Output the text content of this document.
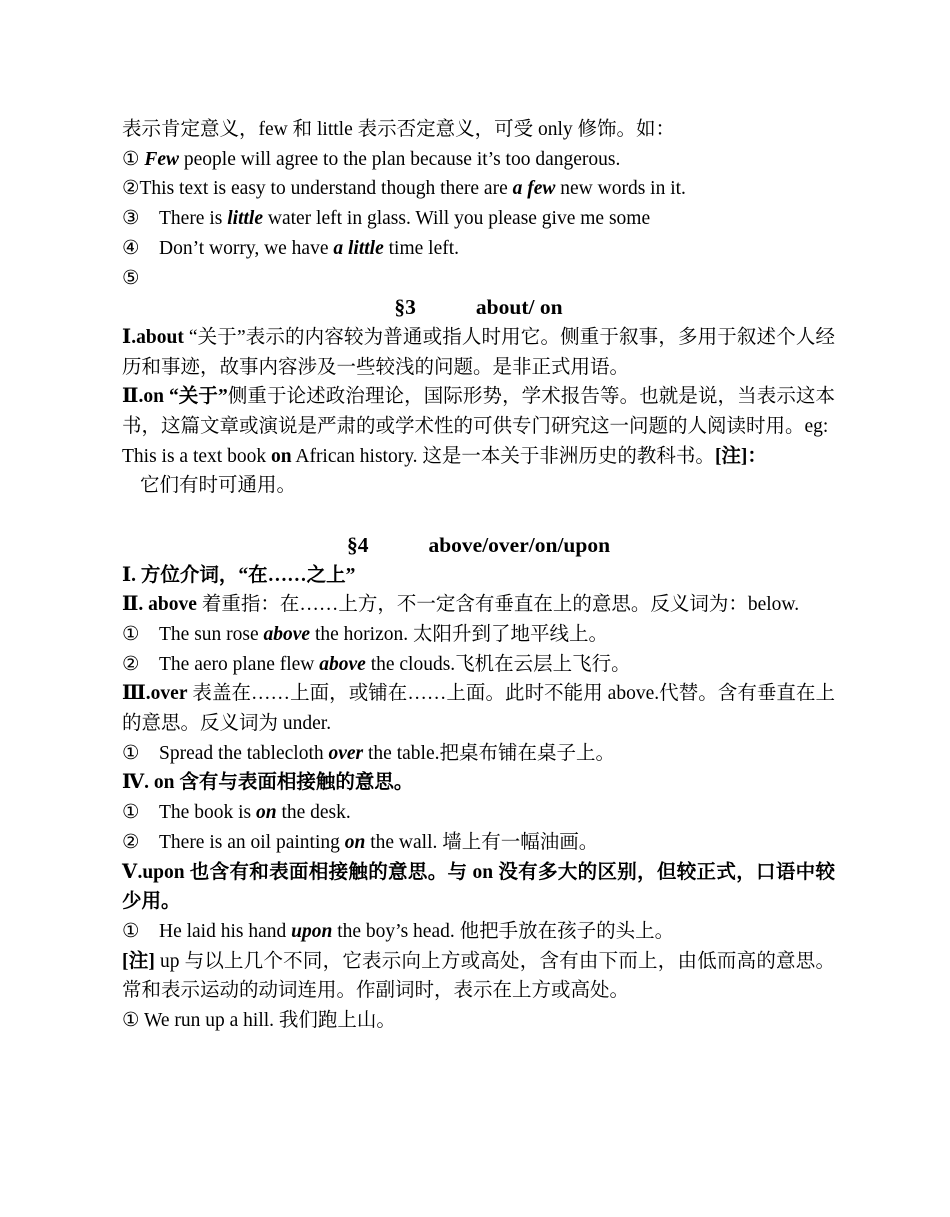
表示肯定意义，few 和 little 表示否定意义，可受 only 修饰。如：
① Few people will agree to the plan because it’s too dangerous.
②This text is easy to understand though there are a few new words in it.
③ There is little water left in glass. Will you please give me some
④ Don’t worry, we have a little time left.
⑤
§3	about/ on
Ⅰ.about “关于”表示的内容较为普通或指人时用它。侧重于叙事，多用于叙述个人经历和事迹，故事内容涉及一些较浅的问题。是非正式用语。
Ⅱ.on “关于”侧重于论述政治理论，国际形势，学术报告等。也就是说，当表示这本书，这篇文章或演说是严肃的或学术性的可供专门研究这一问题的人阅读时用。eg:
This is a text book on African history. 这是一本关于非洲历史的教科书。[注]：
它们有时可通用。
§4	above/over/on/upon
Ⅰ. 方位介词，“在……之上”
Ⅱ. above 着重指：在……上方，不一定含有垂直在上的意思。反义词为：below.
① The sun rose above the horizon. 太阳升到了地平线上。
② The aero plane flew above the clouds.飞机在云层上飞行。
Ⅲ.over 表盖在……上面，或铺在……上面。此时不能用 above.代替。含有垂直在上的意思。反义词为 under.
① Spread the tablecloth over the table.把桌布铺在桌子上。
Ⅳ. on 含有与表面相接触的意思。
① The book is on the desk.
② There is an oil painting on the wall. 墙上有一幅油画。
Ⅴ.upon 也含有和表面相接触的意思。与 on 没有多大的区别，但较正式，口语中较少用。
① He laid his hand upon the boy’s head. 他把手放在孩子的头上。
[注] up 与以上几个不同，它表示向上方或高处，含有由下而上，由低而高的意思。常和表示运动的动词连用。作副词时，表示在上方或高处。
① We run up a hill. 我们跑上山。
